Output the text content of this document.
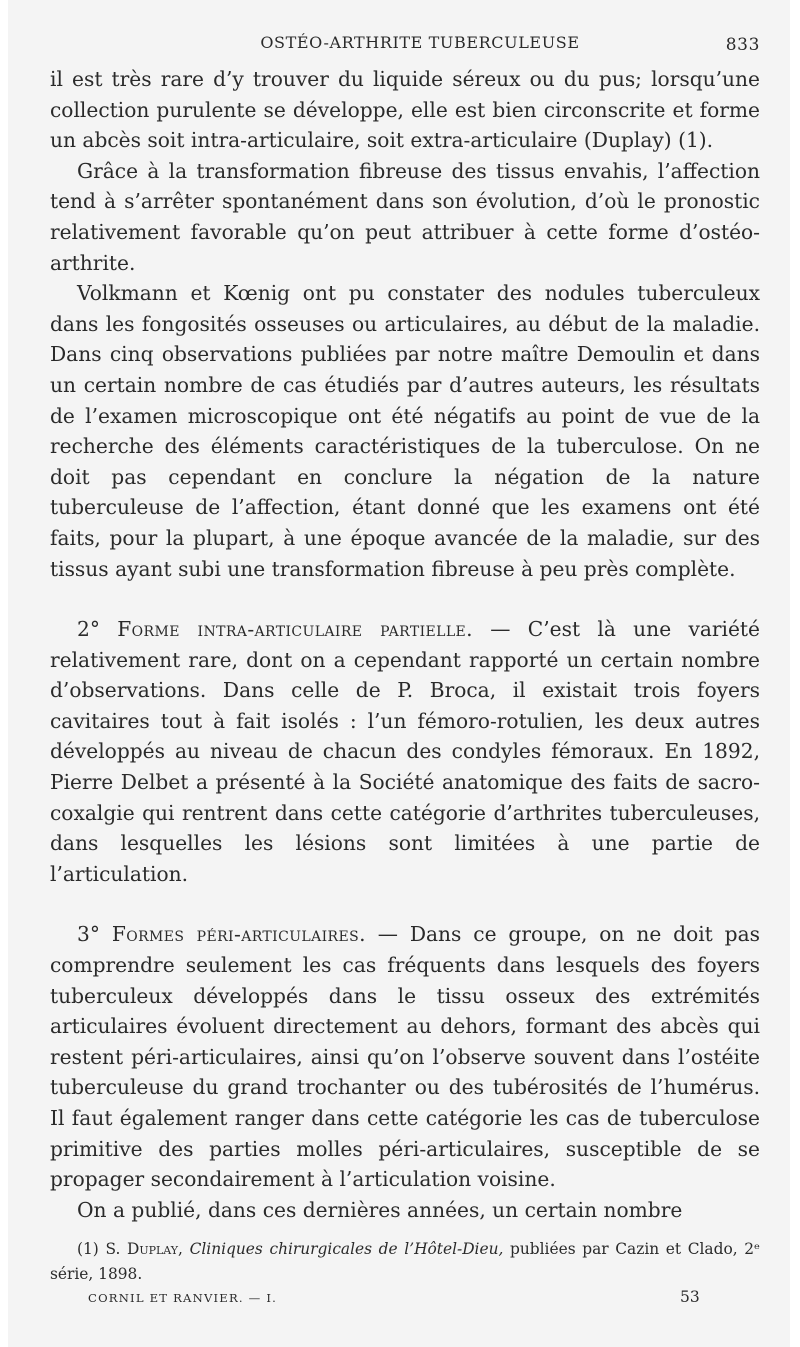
OSTÉO-ARTHRITE TUBERCULEUSE	833

il est très rare d’y trouver du liquide séreux ou du pus; lorsqu’une collection purulente se développe, elle est bien circonscrite et forme un abcès soit intra-articulaire, soit extra-articulaire (Duplay) (1).

Grâce à la transformation fibreuse des tissus envahis, l’affection tend à s’arrêter spontanément dans son évolution, d’où le pronostic relativement favorable qu’on peut attribuer à cette forme d’ostéo-arthrite.

Volkmann et Kœnig ont pu constater des nodules tuberculeux dans les fongosités osseuses ou articulaires, au début de la maladie. Dans cinq observations publiées par notre maître Demoulin et dans un certain nombre de cas étudiés par d’autres auteurs, les résultats de l’examen microscopique ont été négatifs au point de vue de la recherche des éléments caractéristiques de la tuberculose. On ne doit pas cependant en conclure la négation de la nature tuberculeuse de l’affection, étant donné que les examens ont été faits, pour la plupart, à une époque avancée de la maladie, sur des tissus ayant subi une transformation fibreuse à peu près complète.

2° Forme intra-articulaire partielle. — C’est là une variété relativement rare, dont on a cependant rapporté un certain nombre d’observations. Dans celle de P. Broca, il existait trois foyers cavitaires tout à fait isolés : l’un fémoro-rotulien, les deux autres développés au niveau de chacun des condyles fémoraux. En 1892, Pierre Delbet a présenté à la Société anatomique des faits de sacro-coxalgie qui rentrent dans cette catégorie d’arthrites tuberculeuses, dans lesquelles les lésions sont limitées à une partie de l’articulation.

3° Formes péri-articulaires. — Dans ce groupe, on ne doit pas comprendre seulement les cas fréquents dans lesquels des foyers tuberculeux développés dans le tissu osseux des extrémités articulaires évoluent directement au dehors, formant des abcès qui restent péri-articulaires, ainsi qu’on l’observe souvent dans l’ostéite tuberculeuse du grand trochanter ou des tubérosités de l’humérus. Il faut également ranger dans cette catégorie les cas de tuberculose primitive des parties molles péri-articulaires, susceptible de se propager secondairement à l’articulation voisine.

On a publié, dans ces dernières années, un certain nombre

(1) S. Duplay, Cliniques chirurgicales de l’Hôtel-Dieu, publiées par Cazin et Clado, 2ᵉ série, 1898.

CORNIL ET RANVIER. — I.	53
